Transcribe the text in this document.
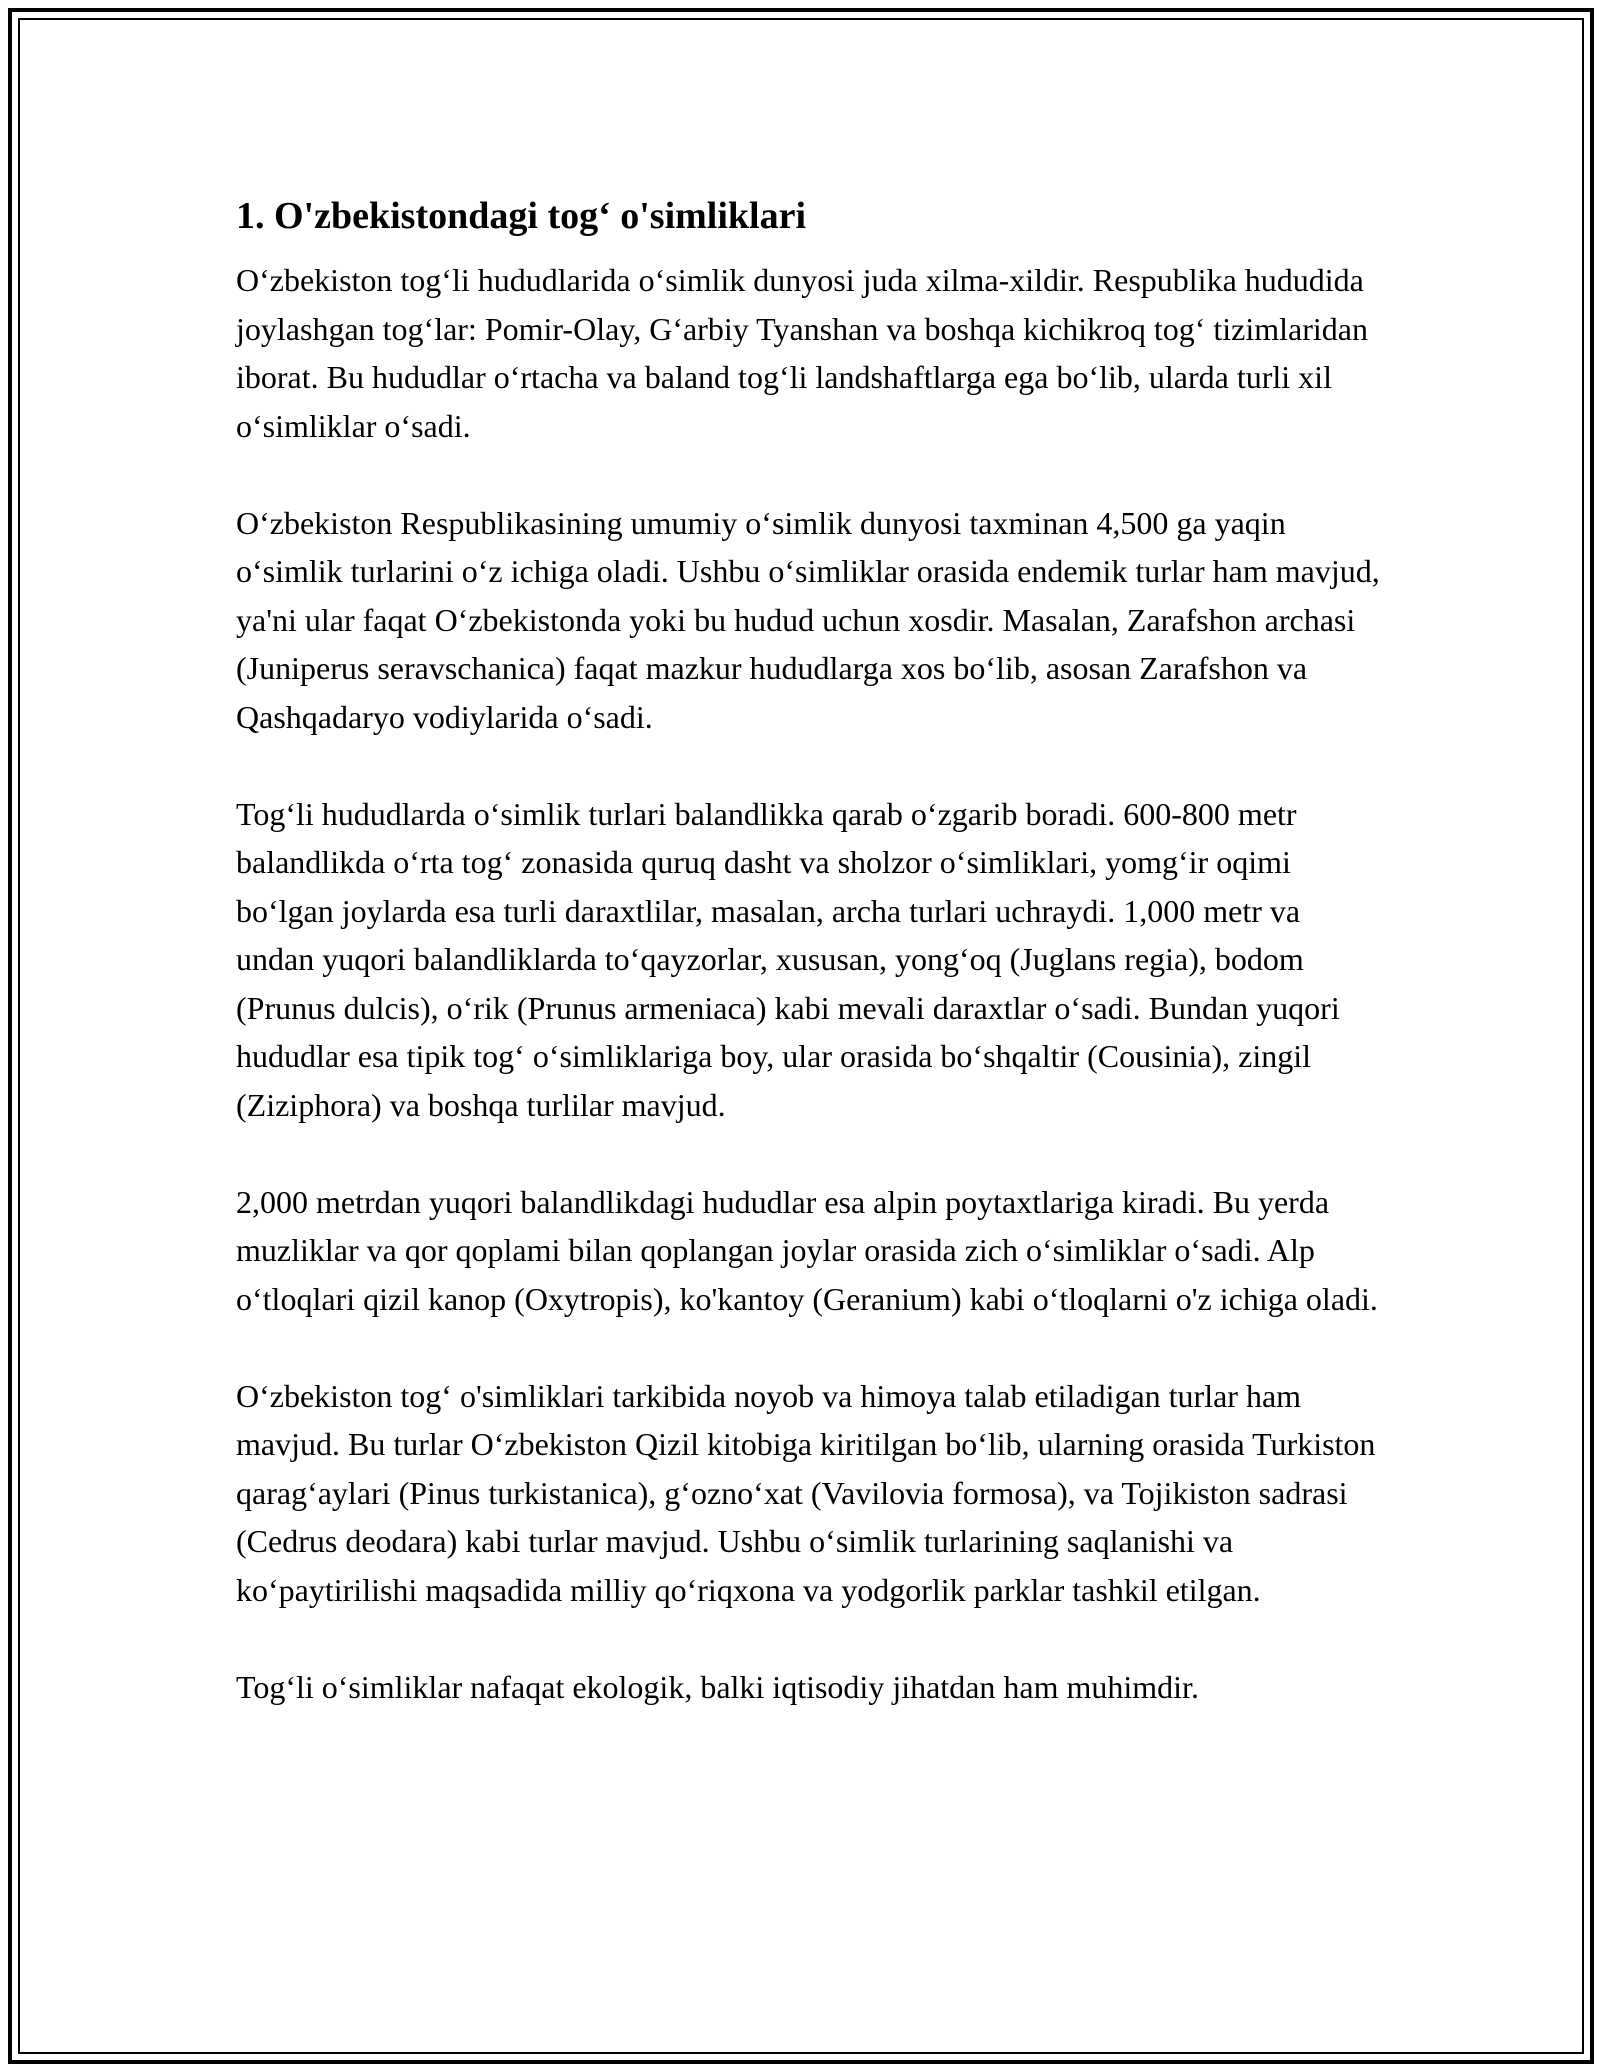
1. O'zbekistondagi tog‘ o'simliklari

O‘zbekiston tog‘li hududlarida o‘simlik dunyosi juda xilma-xildir. Respublika hududida joylashgan tog‘lar: Pomir-Olay, G‘arbiy Tyanshan va boshqa kichikroq tog‘ tizimlaridan iborat. Bu hududlar o‘rtacha va baland tog‘li landshaftlarga ega bo‘lib, ularda turli xil o‘simliklar o‘sadi.

O‘zbekiston Respublikasining umumiy o‘simlik dunyosi taxminan 4,500 ga yaqin o‘simlik turlarini o‘z ichiga oladi. Ushbu o‘simliklar orasida endemik turlar ham mavjud, ya'ni ular faqat O‘zbekistonda yoki bu hudud uchun xosdir. Masalan, Zarafshon archasi (Juniperus seravschanica) faqat mazkur hududlarga xos bo‘lib, asosan Zarafshon va Qashqadaryo vodiylarida o‘sadi.

Tog‘li hududlarda o‘simlik turlari balandlikka qarab o‘zgarib boradi. 600-800 metr balandlikda o‘rta tog‘ zonasida quruq dasht va sholzor o‘simliklari, yomg‘ir oqimi bo‘lgan joylarda esa turli daraxtlilar, masalan, archa turlari uchraydi. 1,000 metr va undan yuqori balandliklarda to‘qayzorlar, xususan, yong‘oq (Juglans regia), bodom (Prunus dulcis), o‘rik (Prunus armeniaca) kabi mevali daraxtlar o‘sadi. Bundan yuqori hududlar esa tipik tog‘ o‘simliklariga boy, ular orasida bo‘shqaltir (Cousinia), zingil (Ziziphora) va boshqa turlilar mavjud.

2,000 metrdan yuqori balandlikdagi hududlar esa alpin poytaxtlariga kiradi. Bu yerda muzliklar va qor qoplami bilan qoplangan joylar orasida zich o‘simliklar o‘sadi. Alp o‘tloqlari qizil kanop (Oxytropis), ko'kantoy (Geranium) kabi o‘tloqlarni o'z ichiga oladi.

O‘zbekiston tog‘ o'simliklari tarkibida noyob va himoya talab etiladigan turlar ham mavjud. Bu turlar O‘zbekiston Qizil kitobiga kiritilgan bo‘lib, ularning orasida Turkiston qarag‘aylari (Pinus turkistanica), g‘ozno‘xat (Vavilovia formosa), va Tojikiston sadrasi (Cedrus deodara) kabi turlar mavjud. Ushbu o‘simlik turlarining saqlanishi va ko‘paytirilishi maqsadida milliy qo‘riqxona va yodgorlik parklar tashkil etilgan.

Tog‘li o‘simliklar nafaqat ekologik, balki iqtisodiy jihatdan ham muhimdir.
